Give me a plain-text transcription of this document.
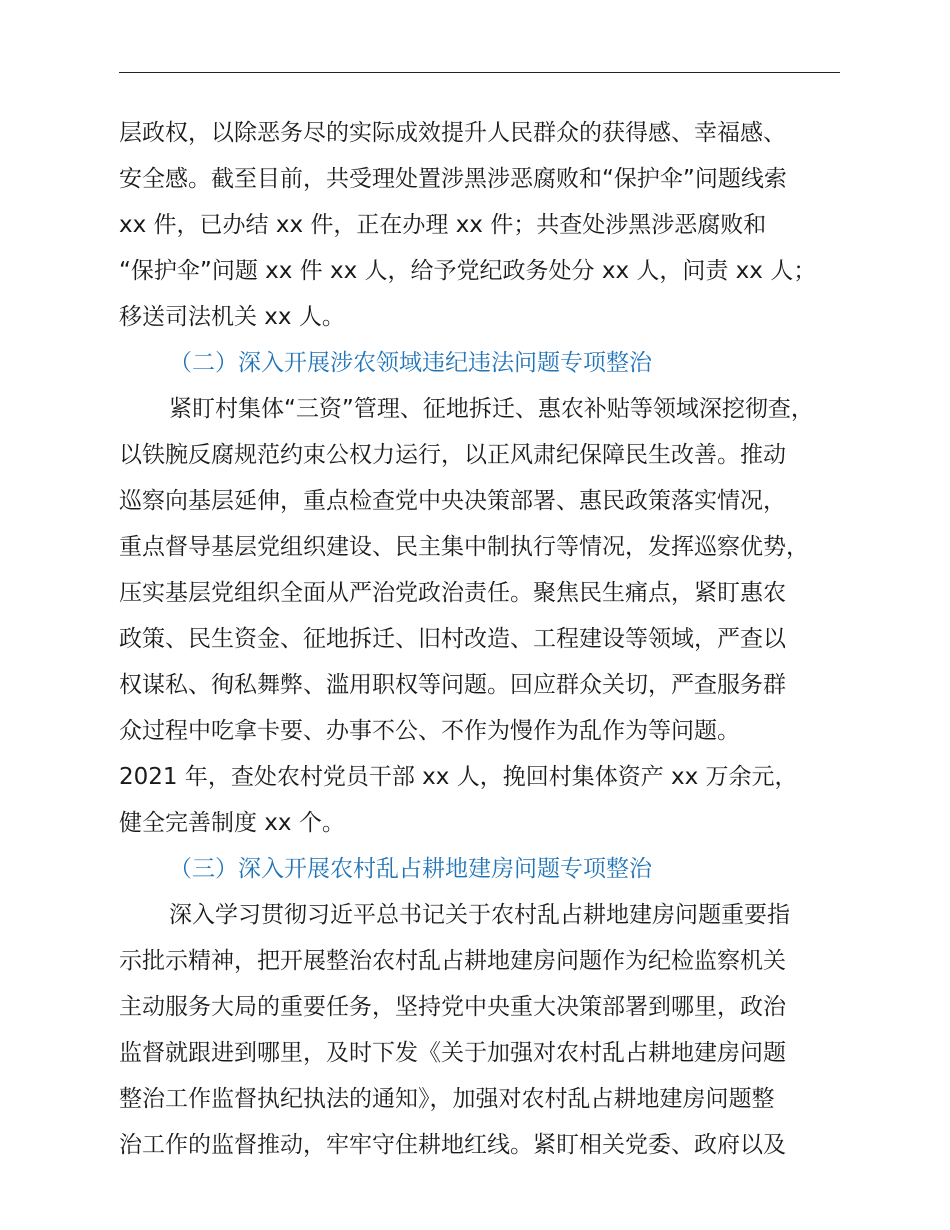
层政权，以除恶务尽的实际成效提升人民群众的获得感、幸福感、
安全感。截至目前，共受理处置涉黑涉恶腐败和“保护伞”问题线索
xx 件，已办结 xx 件，正在办理 xx 件；共查处涉黑涉恶腐败和
“保护伞”问题 xx 件 xx 人，给予党纪政务处分 xx 人，问责 xx 人；
移送司法机关 xx 人。
（二）深入开展涉农领域违纪违法问题专项整治
紧盯村集体“三资”管理、征地拆迁、惠农补贴等领域深挖彻查，
以铁腕反腐规范约束公权力运行，以正风肃纪保障民生改善。推动
巡察向基层延伸，重点检查党中央决策部署、惠民政策落实情况，
重点督导基层党组织建设、民主集中制执行等情况，发挥巡察优势，
压实基层党组织全面从严治党政治责任。聚焦民生痛点，紧盯惠农
政策、民生资金、征地拆迁、旧村改造、工程建设等领域，严查以
权谋私、徇私舞弊、滥用职权等问题。回应群众关切，严查服务群
众过程中吃拿卡要、办事不公、不作为慢作为乱作为等问题。
2021 年，查处农村党员干部 xx 人，挽回村集体资产 xx 万余元，
健全完善制度 xx 个。
（三）深入开展农村乱占耕地建房问题专项整治
深入学习贯彻习近平总书记关于农村乱占耕地建房问题重要指
示批示精神，把开展整治农村乱占耕地建房问题作为纪检监察机关
主动服务大局的重要任务，坚持党中央重大决策部署到哪里，政治
监督就跟进到哪里，及时下发《关于加强对农村乱占耕地建房问题
整治工作监督执纪执法的通知》，加强对农村乱占耕地建房问题整
治工作的监督推动，牢牢守住耕地红线。紧盯相关党委、政府以及
